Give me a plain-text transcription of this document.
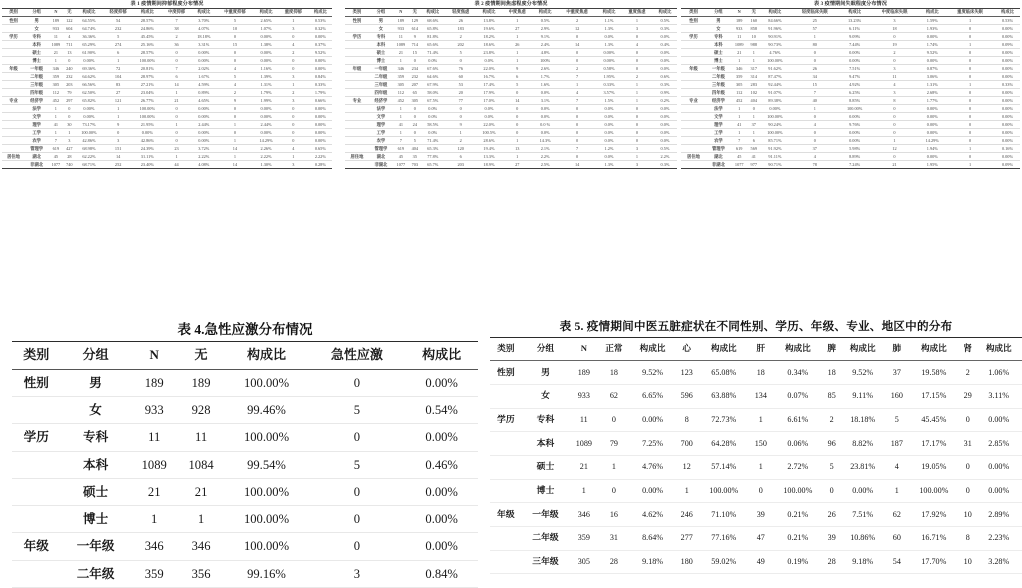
表 1 疫情期间抑郁程度分布情况
类别	分组	N	无	构成比	轻度抑郁	构成比	中度抑郁	构成比	中重度抑郁	构成比	重度抑郁	构成比
性别	男	189	122	64.55%	54	28.57%	7	3.70%	5	2.65%	1	0.53%
	女	933	604	64.74%	232	24.86%	38	4.07%	10	1.07%	3	0.32%
学历	专科	11	4	36.36%	5	45.45%	2	18.18%	0	0.00%	0	0.00%
	本科	1089	711	65.29%	274	25.16%	36	3.31%	15	1.38%	4	0.37%
	硕士	21	13	61.90%	6	28.57%	0	0.00%	0	0.00%	2	9.52%
	博士	1	0	0.00%	1	100.00%	0	0.00%	0	0.00%	0	0.00%
年级	一年级	346	240	69.36%	72	20.81%	7	2.02%	4	1.16%	0	0.00%
	二年级	359	232	64.62%	104	28.97%	6	1.67%	5	1.39%	3	0.84%
	三年级	305	203	66.56%	83	27.21%	14	4.59%	4	1.31%	1	0.33%
	四年级	112	79	62.50%	27	23.04%	1	0.89%	2	1.79%	2	1.79%
专业	经济学	452	297	65.82%	121	26.77%	21	4.65%	9	1.99%	3	0.66%
	法学	1	0	0.00%	1	100.00%	0	0.00%	0	0.00%	0	0.00%
	文学	1	0	0.00%	1	100.00%	0	0.00%	0	0.00%	0	0.00%
	理学	41	30	73.17%	9	21.95%	1	2.44%	1	2.44%	0	0.00%
	工学	1	1	100.00%	0	0.00%	0	0.00%	0	0.00%	0	0.00%
	农学	7	3	42.86%	3	42.86%	0	0.00%	1	14.29%	0	0.00%
	管理学	619	427	68.98%	151	24.39%	23	3.72%	14	2.26%	4	0.65%
居住地	湖北	45	28	62.22%	14	31.11%	1	2.22%	1	2.22%	1	2.22%
	非湖北	1077	740	68.71%	252	23.40%	44	4.08%	14	1.30%	3	0.28%
表 2 疫情期间焦虑程度分布情况
类别	分组	N	无	构成比	轻度焦虑	构成比	中度焦虑	构成比	中重度焦虑	构成比	重度焦虑	构成比
性别	男	189	129	68.6%	26	13.8%	1	0.5%	2	1.1%	1	0.5%
	女	933	614	65.8%	183	19.6%	27	2.9%	12	1.3%	3	0.3%
学历	专科	11	9	81.8%	2	18.2%	1	9.1%	0	0.0%	0	0.0%
	本科	1089	714	65.6%	202	18.6%	26	2.4%	14	1.3%	4	0.4%
	硕士	21	15	71.4%	5	23.8%	1	4.8%	0	0.00%	0	0.0%
	博士	1	0	0.0%	0	0.0%	1	100%	0	0.00%	0	0.0%
年级	一年级	346	234	67.6%	76	22.0%	9	2.6%	2	0.58%	0	0.0%
	二年级	359	232	64.6%	60	16.7%	6	1.7%	7	1.95%	2	0.6%
	三年级	305	207	67.9%	53	17.4%	5	1.6%	1	0.33%	1	0.3%
	四年级	112	65	58.0%	20	17.9%	0	0.0%	4	3.57%	1	0.9%
专业	经济学	452	305	67.5%	77	17.0%	14	3.1%	7	1.5%	1	0.2%
	法学	1	0	0.0%	0	0.0%	0	0.0%	0	0.0%	0	0.0%
	文学	1	0	0.0%	0	0.0%	0	0.0%	0	0.0%	0	0.0%
	理学	41	24	58.5%	9	22.0%	0	0.0 %	0	0.0%	0	0.0%
	工学	1	0	0.0%	1	100.5%	0	0.0%	0	0.0%	0	0.0%
	农学	7	5	71.4%	2	28.6%	1	14.3%	0	0.0%	0	0.0%
	管理学	619	404	65.3%	120	19.4%	13	2.1%	7	1.2%	3	0.5%
居住地	湖北	45	35	77.8%	6	13.3%	1	2.2%	0	0.0%	1	2.2%
	非湖北	1077	703	65.7%	203	18.9%	27	2.5%	14	1.3%	3	0.3%
表 3 疫情期间失眠程度分布情况
类别	分组	N	无	构成比	轻度临床失眠	构成比	中度临床失眠	构成比	重度临床失眠	构成比
性别	男	189	160	84.66%	25	13.23%	3	1.59%	1	0.53%
	女	933	858	91.96%	57	6.11%	18	1.93%	0	0.00%
学历	专科	11	10	90.91%	1	9.09%	0	0.00%	0	0.00%
	本科	1089	988	90.73%	80	7.44%	19	1.74%	1	0.09%
	硕士	21	1	4.76%	0	0.00%	2	9.52%	0	0.00%
	博士	1	1	100.00%	0	0.00%	0	0.00%	0	0.00%
年级	一年级	346	317	91.62%	26	7.51%	3	0.87%	0	0.00%
	二年级	359	314	87.47%	34	9.47%	11	3.06%	0	0.00%
	三年级	305	283	92.44%	15	4.92%	4	1.31%	1	0.33%
	四年级	112	102	91.07%	7	6.25%	3	2.68%	0	0.00%
专业	经济学	452	404	89.38%	40	8.85%	8	1.77%	0	0.00%
	法学	1	0	0.00%	1	100.00%	0	0.00%	0	0.00%
	文学	1	1	100.00%	0	0.00%	0	0.00%	0	0.00%
	理学	41	37	90.24%	4	9.76%	0	0.00%	0	0.00%
	工学	1	1	100.00%	0	0.00%	0	0.00%	0	0.00%
	农学	7	6	85.71%	0	0.00%	1	14.29%	0	0.00%
	管理学	619	569	91.92%	37	5.98%	12	1.94%	1	0.16%
居住地	湖北	45	41	91.11%	4	8.89%	0	0.00%	0	0.00%
	非湖北	1077	977	90.71%	78	7.24%	21	1.95%	1	0.09%
表 4.急性应激分布情况
类别	分组	N	无	构成比	急性应激	构成比
性别	男	189	189	100.00%	0	0.00%
	女	933	928	99.46%	5	0.54%
学历	专科	11	11	100.00%	0	0.00%
	本科	1089	1084	99.54%	5	0.46%
	硕士	21	21	100.00%	0	0.00%
	博士	1	1	100.00%	0	0.00%
年级	一年级	346	346	100.00%	0	0.00%
	二年级	359	356	99.16%	3	0.84%
表 5. 疫情期间中医五脏症状在不同性别、学历、年级、专业、地区中的分布
类别	分组	N	正常	构成比	心	构成比	肝	构成比	脾	构成比	肺	构成比	肾	构成比
性别	男	189	18	9.52%	123	65.08%	18	0.34%	18	9.52%	37	19.58%	2	1.06%
	女	933	62	6.65%	596	63.88%	134	0.07%	85	9.11%	160	17.15%	29	3.11%
学历	专科	11	0	0.00%	8	72.73%	1	6.61%	2	18.18%	5	45.45%	0	0.00%
	本科	1089	79	7.25%	700	64.28%	150	0.06%	96	8.82%	187	17.17%	31	2.85%
	硕士	21	1	4.76%	12	57.14%	1	2.72%	5	23.81%	4	19.05%	0	0.00%
	博士	1	0	0.00%	1	100.00%	0	100.00%	0	0.00%	1	100.00%	0	0.00%
年级	一年级	346	16	4.62%	246	71.10%	39	0.21%	26	7.51%	62	17.92%	10	2.89%
	二年级	359	31	8.64%	277	77.16%	47	0.21%	39	10.86%	60	16.71%	8	2.23%
	三年级	305	28	9.18%	180	59.02%	49	0.19%	28	9.18%	54	17.70%	10	3.28%
